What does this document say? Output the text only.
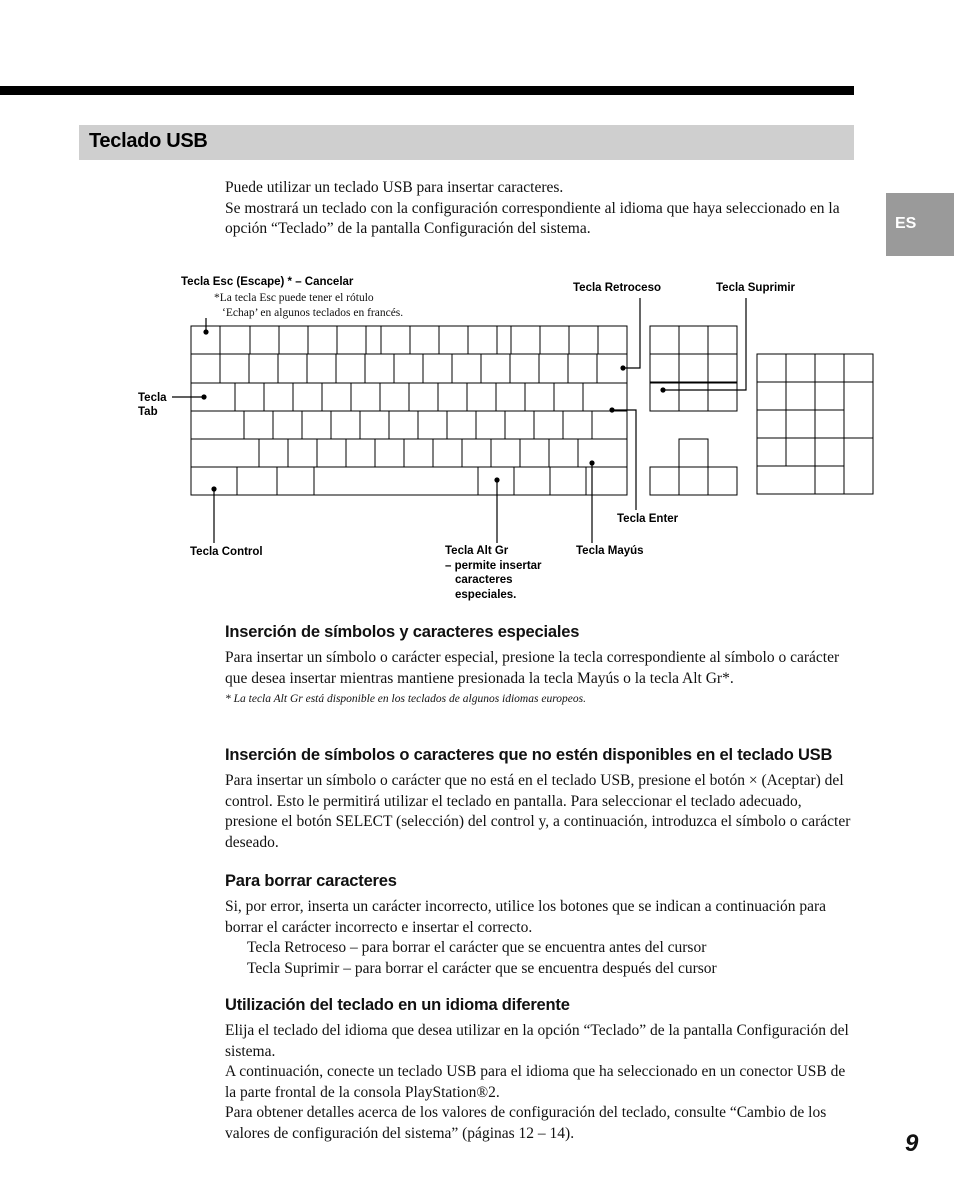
Teclado USB
ES

Puede utilizar un teclado USB para insertar caracteres.

Se mostrará un teclado con la configuración correspondiente al idioma que haya seleccionado en la opción “Teclado” de la pantalla Configuración del sistema.

Tecla Esc (Escape) * – Cancelar
*La tecla Esc puede tener el rótulo
‘Echap’ en algunos teclados en francés.
Tecla Retroceso	Tecla Suprimir
Tecla
Tab
Tecla Enter
Tecla Control	Tecla Alt Gr
– permite insertar
caracteres
especiales.
Tecla Mayús
Inserción de símbolos y caracteres especiales

Para insertar un símbolo o carácter especial, presione la tecla correspondiente al símbolo o carácter que desea insertar mientras mantiene presionada la tecla Mayús o la tecla Alt Gr*.

* La tecla Alt Gr está disponible en los teclados de algunos idiomas europeos.

Inserción de símbolos o caracteres que no estén disponibles en el teclado USB

Para insertar un símbolo o carácter que no está en el teclado USB, presione el botón × (Aceptar) del control. Esto le permitirá utilizar el teclado en pantalla. Para seleccionar el teclado adecuado, presione el botón SELECT (selección) del control y, a continuación, introduzca el símbolo o carácter deseado.

Para borrar caracteres

Si, por error, inserta un carácter incorrecto, utilice los botones que se indican a continuación para borrar el carácter incorrecto e insertar el correcto.

Tecla Retroceso – para borrar el carácter que se encuentra antes del cursor

Tecla Suprimir – para borrar el carácter que se encuentra después del cursor

Utilización del teclado en un idioma diferente

Elija el teclado del idioma que desea utilizar en la opción “Teclado” de la pantalla Configuración del sistema.

A continuación, conecte un teclado USB para el idioma que ha seleccionado en un conector USB de la parte frontal de la consola PlayStation®2.

Para obtener detalles acerca de los valores de configuración del teclado, consulte “Cambio de los valores de configuración del sistema” (páginas 12 – 14).	9
